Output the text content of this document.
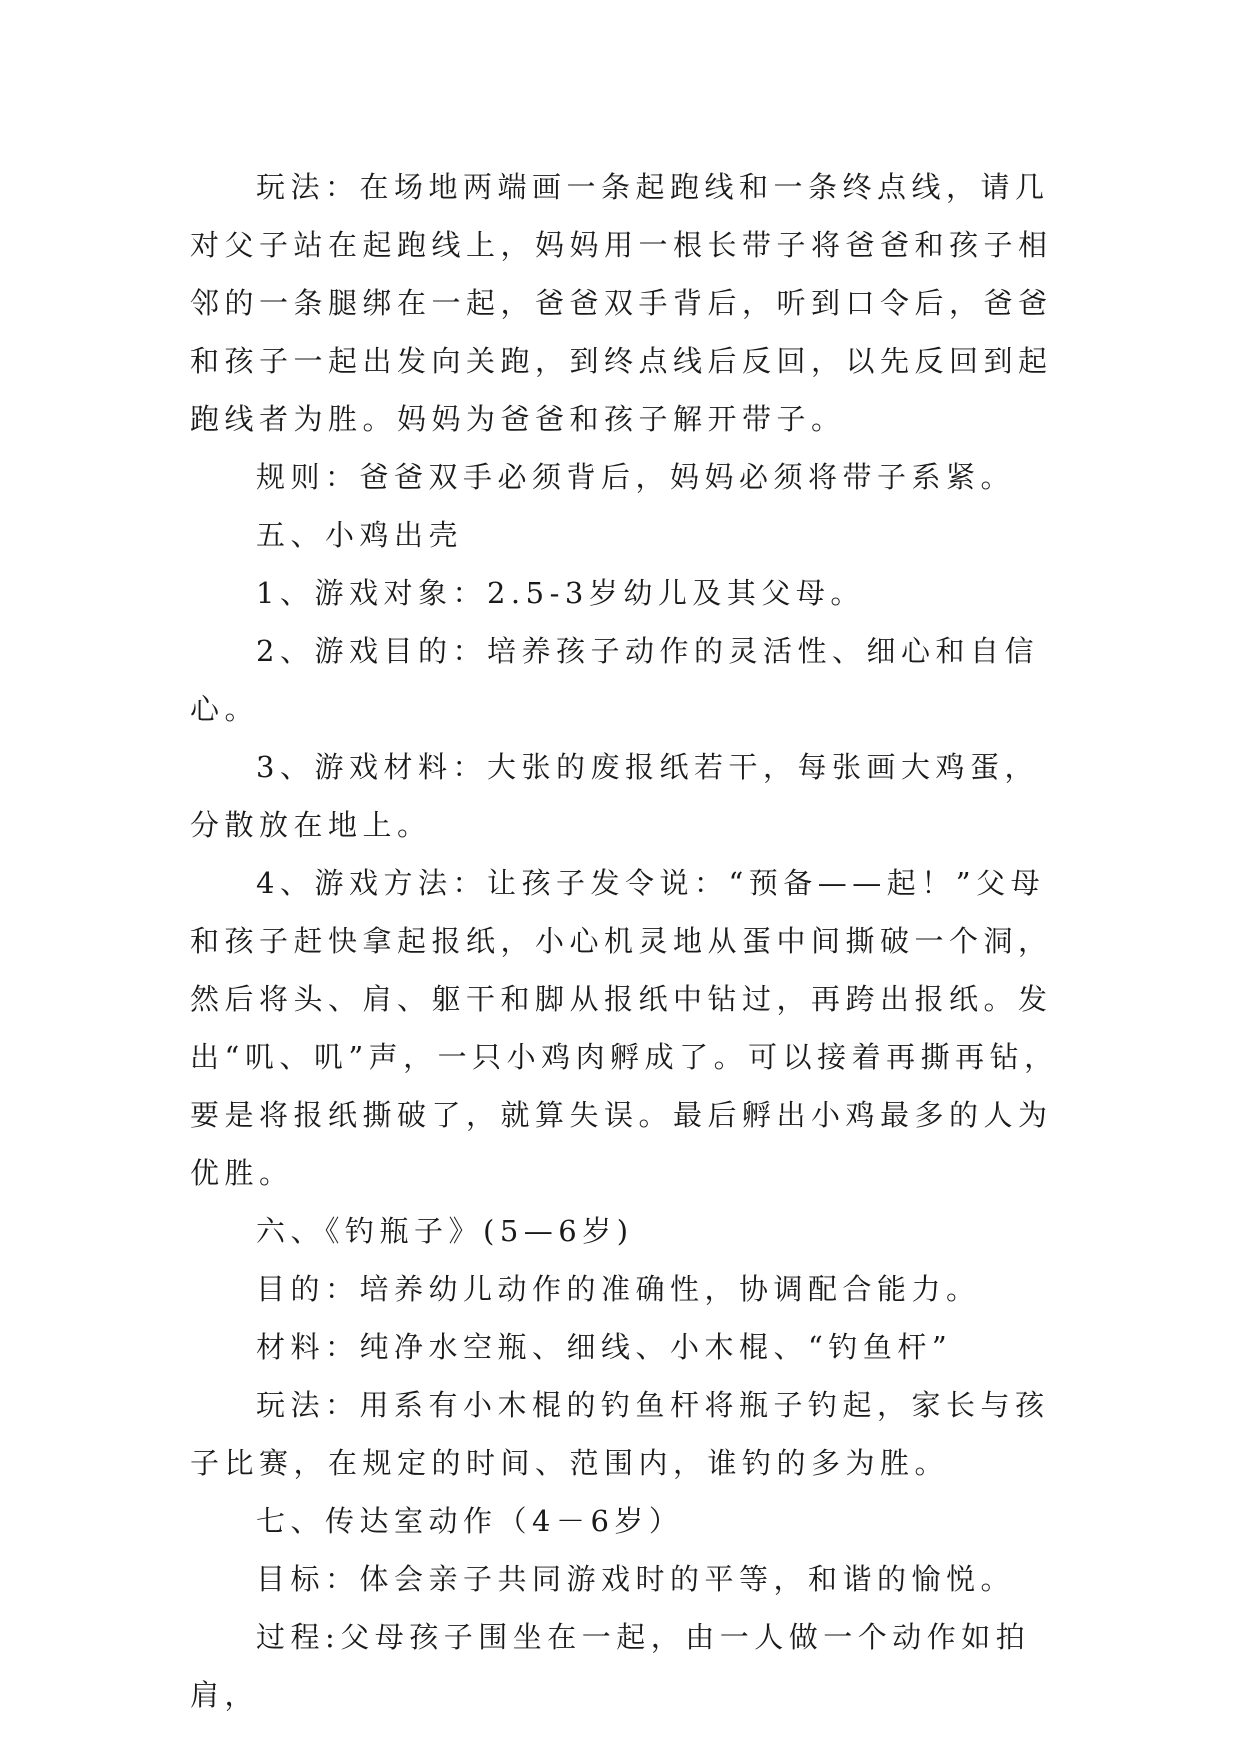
玩法：在场地两端画一条起跑线和一条终点线，请几对父子站在起跑线上，妈妈用一根长带子将爸爸和孩子相邻的一条腿绑在一起，爸爸双手背后，听到口令后，爸爸和孩子一起出发向关跑，到终点线后反回，以先反回到起跑线者为胜。妈妈为爸爸和孩子解开带子。

规则：爸爸双手必须背后，妈妈必须将带子系紧。

五、小鸡出壳

1、游戏对象：2.5-3岁幼儿及其父母。

2、游戏目的：培养孩子动作的灵活性、细心和自信心。

3、游戏材料：大张的废报纸若干，每张画大鸡蛋，分散放在地上。

4、游戏方法：让孩子发令说：“预备——起！”父母和孩子赶快拿起报纸，小心机灵地从蛋中间撕破一个洞，然后将头、肩、躯干和脚从报纸中钻过，再跨出报纸。发出“叽、叽”声，一只小鸡肉孵成了。可以接着再撕再钻，要是将报纸撕破了，就算失误。最后孵出小鸡最多的人为优胜。

六、《钓瓶子》(5—6岁)

目的：培养幼儿动作的准确性，协调配合能力。

材料：纯净水空瓶、细线、小木棍、“钓鱼杆”

玩法：用系有小木棍的钓鱼杆将瓶子钓起，家长与孩子比赛，在规定的时间、范围内，谁钓的多为胜。

七、传达室动作（4－6岁）

目标：体会亲子共同游戏时的平等，和谐的愉悦。

过程:父母孩子围坐在一起，由一人做一个动作如拍肩，
